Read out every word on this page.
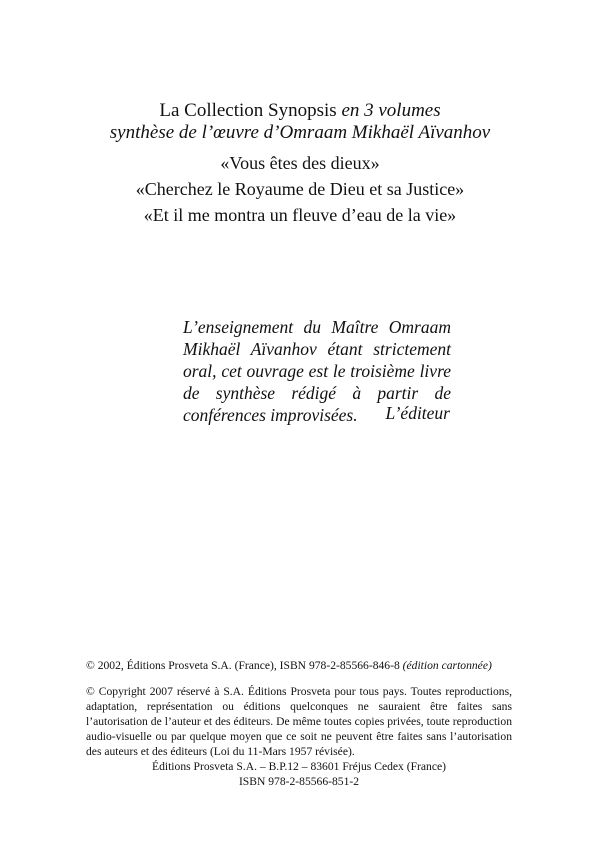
La Collection Synopsis en 3 volumes
synthèse de l’œuvre d’Omraam Mikhaël Aïvanhov
«Vous êtes des dieux»
«Cherchez le Royaume de Dieu et sa Justice»
«Et il me montra un fleuve d’eau de la vie»
L’enseignement du Maître Omraam Mikhaël Aïvanhov étant strictement oral, cet ouvrage est le troisième livre de synthèse rédigé à partir de conférences improvisées.	L’éditeur
© 2002, Éditions Prosveta S.A. (France), ISBN 978-2-85566-846-8 (édition cartonnée)
© Copyright 2007 réservé à S.A. Éditions Prosveta pour tous pays. Toutes reproductions, adaptation, représentation ou éditions quelconques ne sauraient être faites sans l’autorisation de l’auteur et des éditeurs. De même toutes copies privées, toute reproduction audio-visuelle ou par quelque moyen que ce soit ne peuvent être faites sans l’autorisation des auteurs et des éditeurs (Loi du 11-Mars 1957 révisée).
Éditions Prosveta S.A. – B.P.12 – 83601 Fréjus Cedex (France)
ISBN 978-2-85566-851-2
